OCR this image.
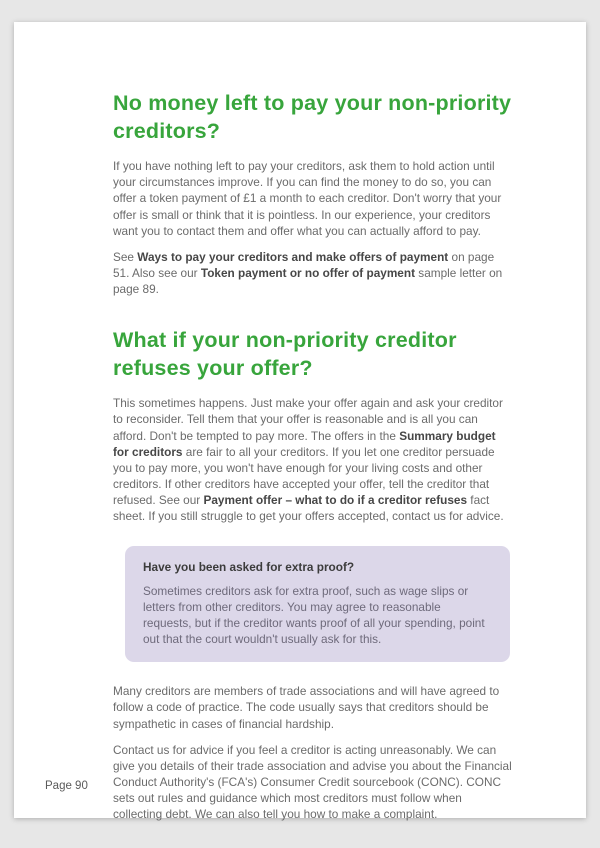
No money left to pay your non-priority creditors?

If you have nothing left to pay your creditors, ask them to hold action until your circumstances improve. If you can find the money to do so, you can offer a token payment of £1 a month to each creditor. Don't worry that your offer is small or think that it is pointless. In our experience, your creditors want you to contact them and offer what you can actually afford to pay.

See Ways to pay your creditors and make offers of payment on page 51. Also see our Token payment or no offer of payment sample letter on page 89.

What if your non-priority creditor refuses your offer?

This sometimes happens. Just make your offer again and ask your creditor to reconsider. Tell them that your offer is reasonable and is all you can afford. Don't be tempted to pay more. The offers in the Summary budget for creditors are fair to all your creditors. If you let one creditor persuade you to pay more, you won't have enough for your living costs and other creditors. If other creditors have accepted your offer, tell the creditor that refused. See our Payment offer – what to do if a creditor refuses fact sheet. If you still struggle to get your offers accepted, contact us for advice.

Have you been asked for extra proof?
Sometimes creditors ask for extra proof, such as wage slips or letters from other creditors. You may agree to reasonable requests, but if the creditor wants proof of all your spending, point out that the court wouldn't usually ask for this.

Many creditors are members of trade associations and will have agreed to follow a code of practice. The code usually says that creditors should be sympathetic in cases of financial hardship.

Contact us for advice if you feel a creditor is acting unreasonably. We can give you details of their trade association and advise you about the Financial Conduct Authority's (FCA's) Consumer Credit sourcebook (CONC). CONC sets out rules and guidance which most creditors must follow when collecting debt. We can also tell you how to make a complaint.

Page 90
